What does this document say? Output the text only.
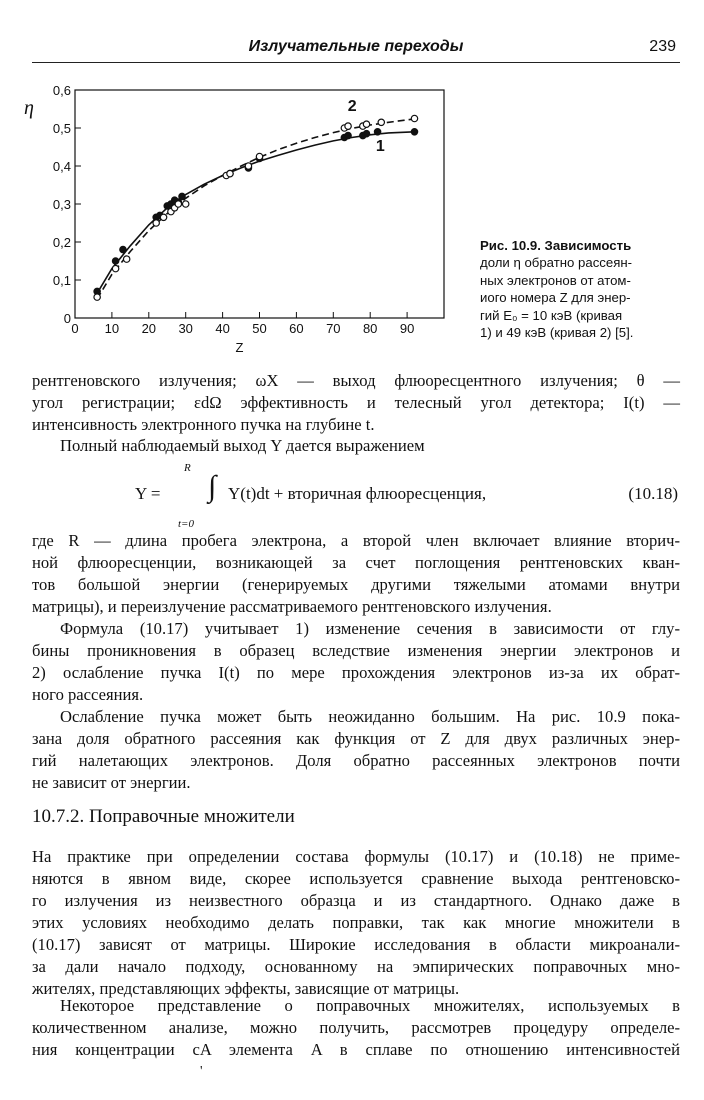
Излучательные переходы	239
0 10 20 30 40 50 60 70 80 90
0
0,1
0,2
0,3
0,4
0,5
0,6
Z
η	2
1
Рис. 10.9. Зависимость
доли η обратно рассеян-
ных электронов от атом-
иого номера Z для энер-
гий E₀ = 10 кэВ (кривая
1) и 49 кэВ (кривая 2) [5].
рентгеновского излучения; ωX — выход флюоресцентного излучения; θ —
угол регистрации; εdΩ эффективность и телесный угол детектора; I(t) —
интенсивность электронного пучка на глубине t.
Полный наблюдаемый выход Y дается выражением
Y =
R
∫
t=0
Y(t)dt + вторичная флюоресценция,	(10.18)
где R — длина пробега электрона, а второй член включает влияние вторич-
ной флюоресценции, возникающей за счет поглощения рентгеновских кван-
тов большой энергии (генерируемых другими тяжелыми атомами внутри
матрицы), и переизлучение рассматриваемого рентгеновского излучения.
Формула (10.17) учитывает 1) изменение сечения в зависимости от глу-
бины проникновения в образец вследствие изменения энергии электронов и
2) ослабление пучка I(t) по мере прохождения электронов из-за их обрат-
ного рассеяния.
Ослабление пучка может быть неожиданно большим. На рис. 10.9 пока-
зана доля обратного рассеяния как функция от Z для двух различных энер-
гий налетающих электронов. Доля обратно рассеянных электронов почти
не зависит от энергии.
10.7.2. Поправочные множители
На практике при определении состава формулы (10.17) и (10.18) не приме-
няются в явном виде, скорее используется сравнение выхода рентгеновско-
го излучения из неизвестного образца и из стандартного. Однако даже в
этих условиях необходимо делать поправки, так как многие множители в
(10.17) зависят от матрицы. Широкие исследования в области микроанали-
за дали начало подходу, основанному на эмпирических поправочных мно-
жителях, представляющих эффекты, зависящие от матрицы.
Некоторое представление о поправочных множителях, используемых в
количественном анализе, можно получить, рассмотрев процедуру определе-
ния концентрации cA элемента A в сплаве по отношению интенсивностей
'
